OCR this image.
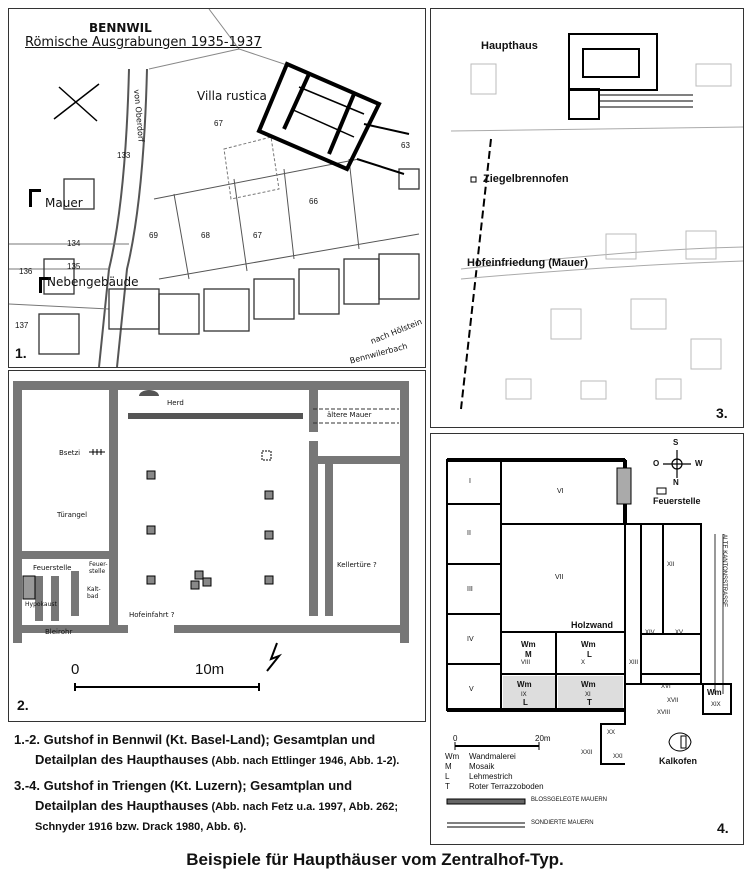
BENNWIL
Römische Ausgrabungen 1935-1937
Villa rustica
Mauer
Nebengebäude
von Oberdorf
nach Hölstein
Bennwilerbach
67
133
134
135
136
137
69	68	67
66
63
1.
Haupthaus
Ziegelbrennofen
Hofeinfriedung (Mauer)
3.
Herd
ältere Mauer
Bsetzi
Türangel
Feuerstelle	Feuer-stelle
Hypokaust
Kalt-bad
Hofeinfahrt ?
Bleirohr
Kellertüre ?
0	10m
2.
S
N
O	W
Feuerstelle
Holzwand
Kalkofen
ALTE KANTONSSTRASSE
I
II
III
IV
V
VI
VII
VIII
IX
X
XI
XII
XIII
XIV	XV
XVI
XVII
XVIII
XIX
XX
XXI
XXII
Wm
M
Wm
L
Wm
L
Wm
T
Wm
0	20m
Wm Wandmalerei
M Mosaik
L Lehmestrich
T Roter Terrazzoboden
BLOSSGELEGTE MAUERN
SONDIERTE MAUERN	4.
1.-2. Gutshof in Bennwil (Kt. Basel-Land); Gesamtplan und
Detailplan des Haupthauses (Abb. nach Ettlinger 1946, Abb. 1-2).
3.-4. Gutshof in Triengen (Kt. Luzern); Gesamtplan und
Detailplan des Haupthauses (Abb. nach Fetz u.a. 1997, Abb. 262;
Schnyder 1916 bzw. Drack 1980, Abb. 6).
Beispiele für Haupthäuser vom Zentralhof-Typ.
